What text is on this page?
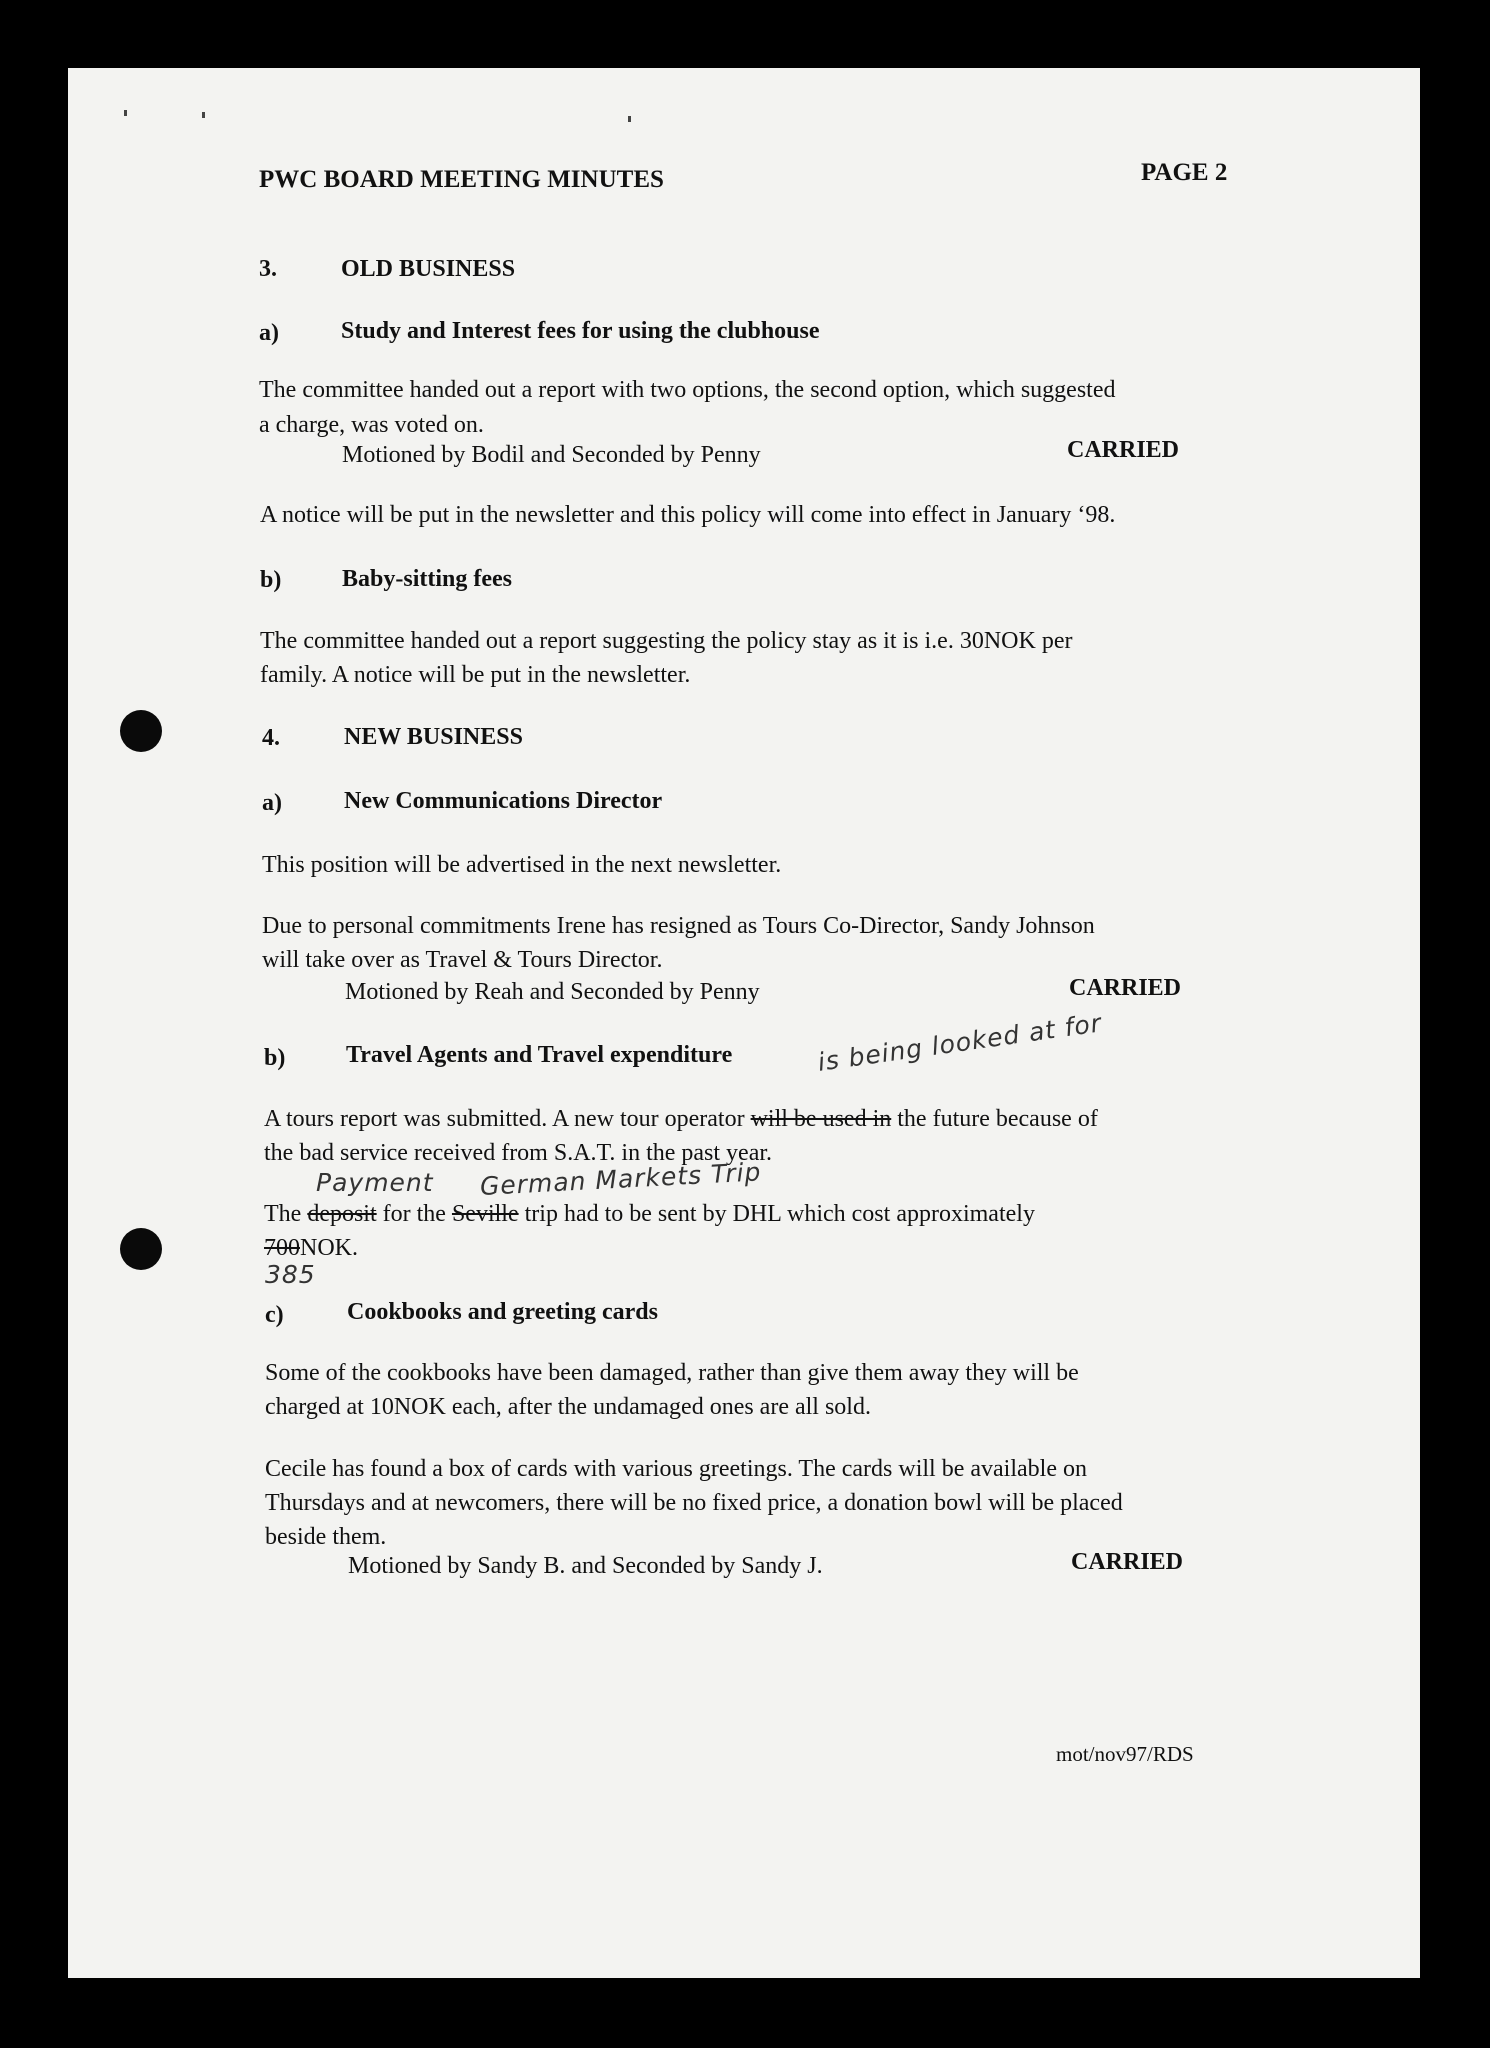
PWC BOARD MEETING MINUTES	PAGE 2
3.	OLD BUSINESS
a)	Study and Interest fees for using the clubhouse
The committee handed out a report with two options, the second option, which suggested
a charge, was voted on.
Motioned by Bodil and Seconded by Penny	CARRIED
A notice will be put in the newsletter and this policy will come into effect in January ‘98.
b)	Baby-sitting fees
The committee handed out a report suggesting the policy stay as it is i.e. 30NOK per
family. A notice will be put in the newsletter.
4.	NEW BUSINESS
a)	New Communications Director
This position will be advertised in the next newsletter.
Due to personal commitments Irene has resigned as Tours Co-Director, Sandy Johnson
will take over as Travel & Tours Director.
Motioned by Reah and Seconded by Penny	CARRIED
b)	Travel Agents and Travel expenditure	is being looked at for
A tours report was submitted. A new tour operator will be used in the future because of
the bad service received from S.A.T. in the past year.
Payment German Markets Trip
The deposit for the Seville trip had to be sent by DHL which cost approximately
700NOK.
385
c)	Cookbooks and greeting cards
Some of the cookbooks have been damaged, rather than give them away they will be
charged at 10NOK each, after the undamaged ones are all sold.
Cecile has found a box of cards with various greetings. The cards will be available on
Thursdays and at newcomers, there will be no fixed price, a donation bowl will be placed
beside them.
Motioned by Sandy B. and Seconded by Sandy J.	CARRIED
mot/nov97/RDS
